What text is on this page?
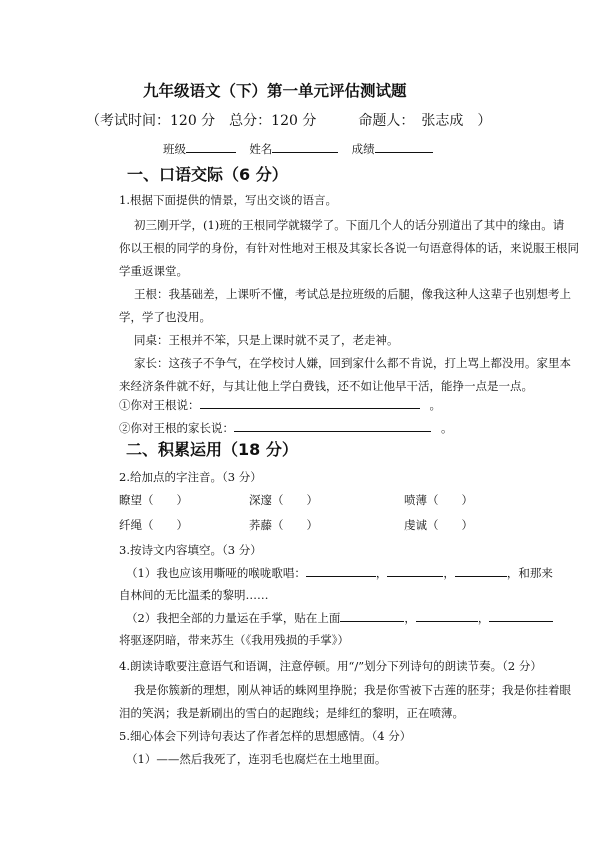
九年级语文（下）第一单元评估测试题
（考试时间：120 分　总分：120 分　　　命题人：　张志成　）
班级	姓名	成绩
一、口语交际（6 分）
1.根据下面提供的情景，写出交谈的语言。
初三刚开学，(1)班的王根同学就辍学了。下面几个人的话分别道出了其中的缘由。请
你以王根的同学的身份，有针对性地对王根及其家长各说一句语意得体的话，来说服王根同
学重返课堂。
王根：我基础差，上课听不懂，考试总是拉班级的后腿，像我这种人这辈子也别想考上
学，学了也没用。
同桌：王根并不笨，只是上课时就不灵了，老走神。
家长：这孩子不争气，在学校讨人嫌，回到家什么都不肯说，打上骂上都没用。家里本
来经济条件就不好，与其让他上学白费钱，还不如让他早干活，能挣一点是一点。
①你对王根说：	。
②你对王根的家长说：	。
二、积累运用（18 分）
2.给加点的字注音。（3 分）
瞭望（　　）	深邃（　　）	喷薄（　　）
纤绳（　　）	荞藤（　　）	虔诚（　　）
3.按诗文内容填空。（3 分）
（1）我也应该用嘶哑的喉咙歌唱：	，	，	，和那来
自林间的无比温柔的黎明……
（2）我把全部的力量运在手掌，贴在上面	，	，
将驱逐阴暗，带来苏生（《我用残损的手掌》）
4.朗读诗歌要注意语气和语调，注意停顿。用“/”划分下列诗句的朗读节奏。（2 分）
我是你簇新的理想，刚从神话的蛛网里挣脱；我是你雪被下古莲的胚芽；我是你挂着眼
泪的笑涡；我是新刷出的雪白的起跑线；是绯红的黎明，正在喷薄。
5.细心体会下列诗句表达了作者怎样的思想感情。（4 分）
（1）——然后我死了，连羽毛也腐烂在土地里面。
